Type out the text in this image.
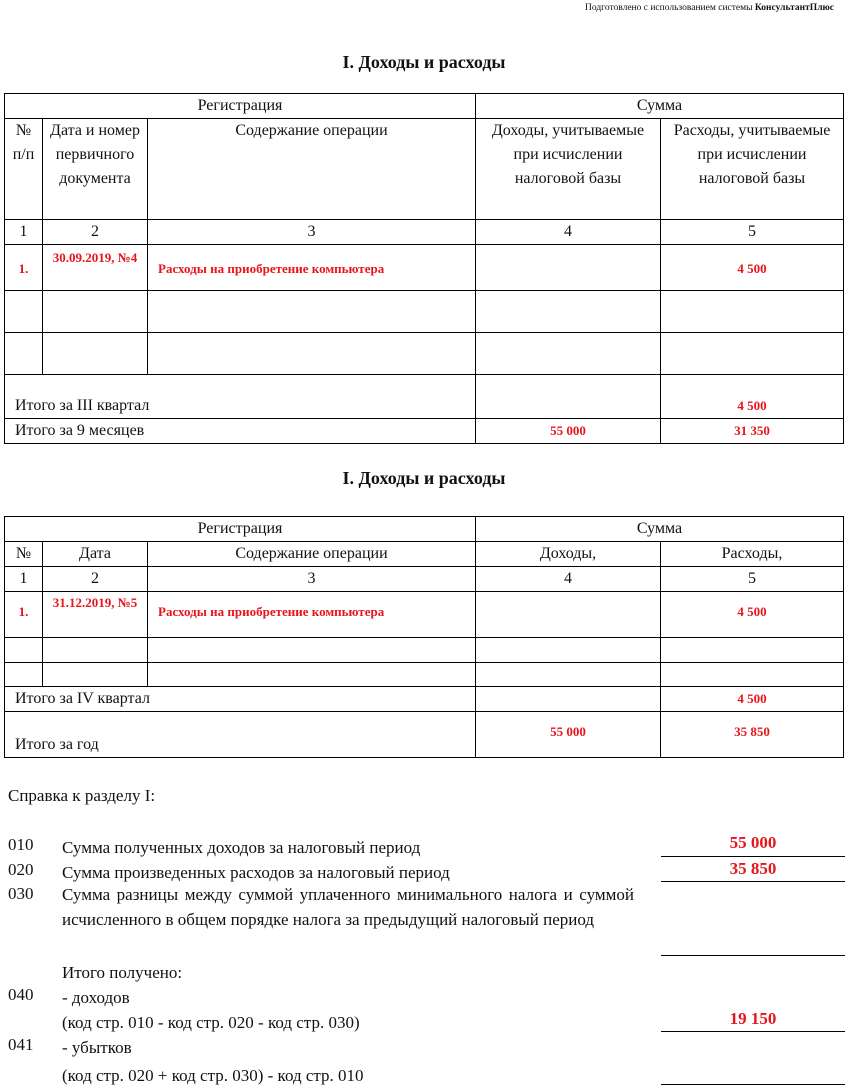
Подготовлено с использованием системы КонсультантПлюс
I. Доходы и расходы
Регистрация			Сумма	
№ п/п	Дата и номер первичного документа	Содержание операции	Доходы, учитываемые при исчислении налоговой базы	Расходы, учитываемые при исчислении налоговой базы
1	2	3	4	5
1.	30.09.2019, №4	Расходы на приобретение компьютера		4 500

Итого за III квартал				4 500
Итого за 9 месяцев			55 000	31 350
I. Доходы и расходы
Регистрация			Сумма	
№	Дата	Содержание операции	Доходы,	Расходы,
1	2	3	4	5
1.	31.12.2019, №5	Расходы на приобретение компьютера		4 500

Итого за IV квартал				4 500
Итого за год			55 000	35 850
Справка к разделу I:
010 Сумма полученных доходов за налоговый период	55 000
020 Сумма произведенных расходов за налоговый период	35 850
030 Сумма разницы между суммой уплаченного минимального налога и суммой исчисленного в общем порядке налога за предыдущий налоговый период
Итого получено:
040 - доходов
(код стр. 010 - код стр. 020 - код стр. 030)	19 150
041 - убытков
(код стр. 020 + код стр. 030) - код стр. 010
